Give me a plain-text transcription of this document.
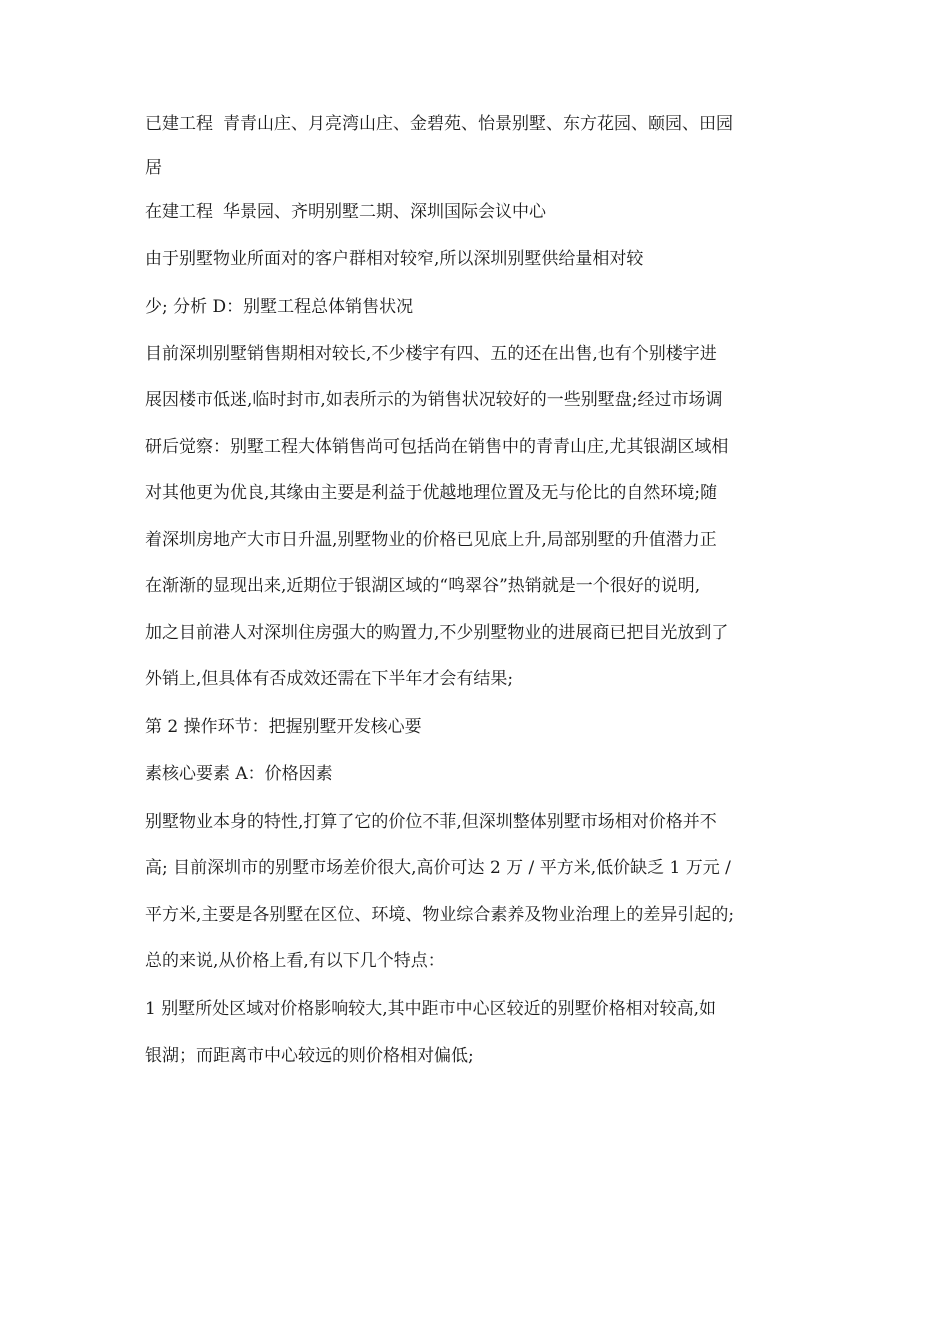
已建工程 青青山庄、月亮湾山庄、金碧苑、怡景别墅、东方花园、颐园、田园
居
在建工程 华景园、齐明别墅二期、深圳国际会议中心
由于别墅物业所面对的客户群相对较窄,所以深圳别墅供给量相对较
少; 分析 D：别墅工程总体销售状况
目前深圳别墅销售期相对较长,不少楼宇有四、五的还在出售,也有个别楼宇进
展因楼市低迷,临时封市,如表所示的为销售状况较好的一些别墅盘;经过市场调
研后觉察：别墅工程大体销售尚可包括尚在销售中的青青山庄,尤其银湖区域相
对其他更为优良,其缘由主要是利益于优越地理位置及无与伦比的自然环境;随
着深圳房地产大市日升温,别墅物业的价格已见底上升,局部别墅的升值潜力正
在渐渐的显现出来,近期位于银湖区域的“鸣翠谷”热销就是一个很好的说明,
加之目前港人对深圳住房强大的购置力,不少别墅物业的进展商已把目光放到了
外销上,但具体有否成效还需在下半年才会有结果;
第 2 操作环节：把握别墅开发核心要
素核心要素 A：价格因素
别墅物业本身的特性,打算了它的价位不菲,但深圳整体别墅市场相对价格并不
高; 目前深圳市的别墅市场差价很大,高价可达 2 万 / 平方米,低价缺乏 1 万元 /
平方米,主要是各别墅在区位、环境、物业综合素养及物业治理上的差异引起的;
总的来说,从价格上看,有以下几个特点：
1 别墅所处区域对价格影响较大,其中距市中心区较近的别墅价格相对较高,如
银湖；而距离市中心较远的则价格相对偏低;
